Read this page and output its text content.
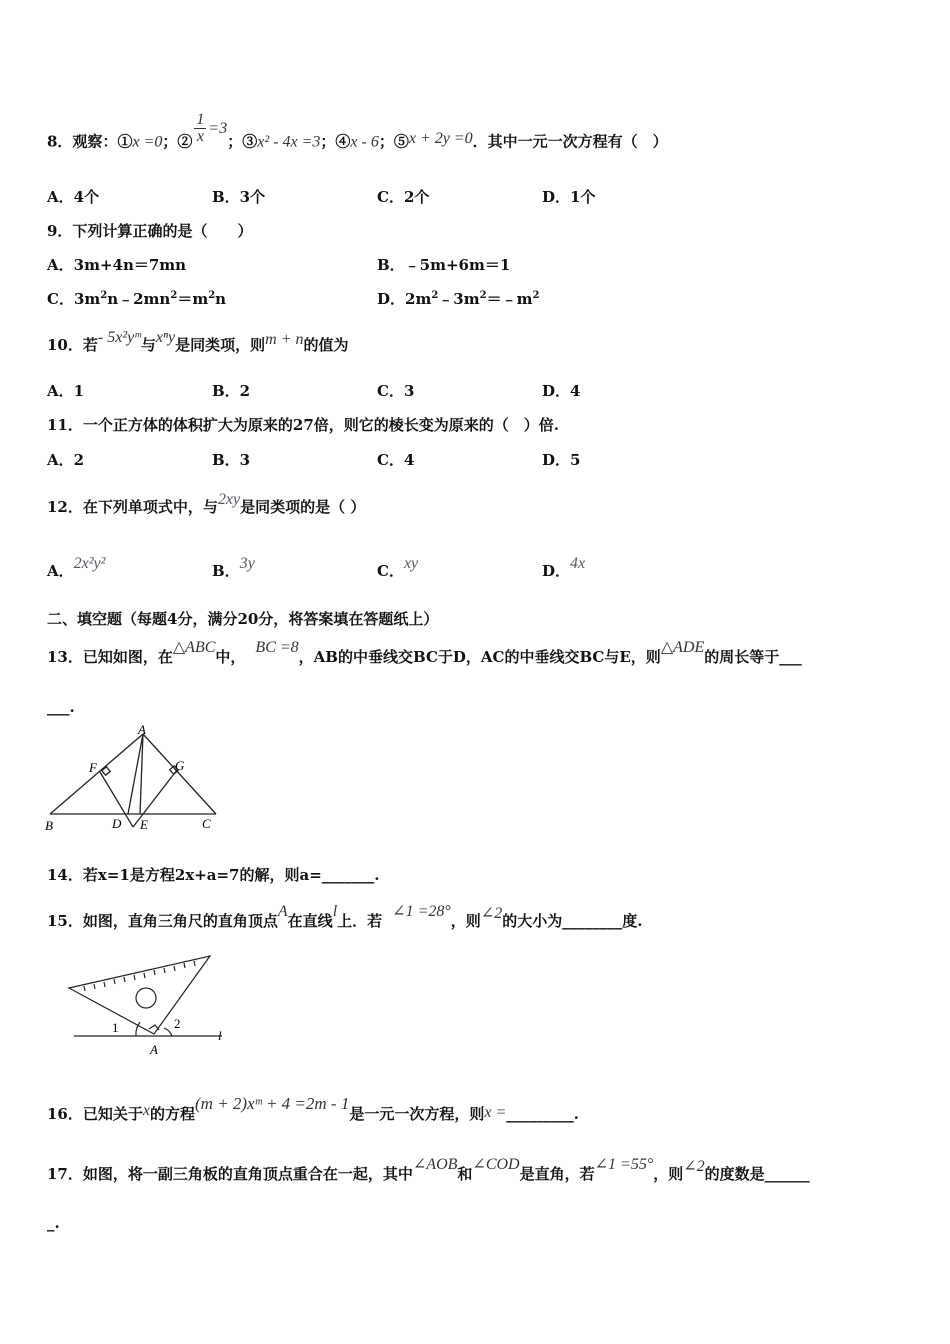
8．观察：①x =0；② $\frac{1}{x} =3$；③x² - 4x =3；④x - 6；⑤x + 2y =0．其中一元一次方程有（　）
A．4个	B．3个	C．2个	D．1个
9．下列计算正确的是（　　）
A．3m+4n＝7mn	B．﹣5m+6m＝1
C．$3m^2n﹣2mn^2=m^2n$	D．$2m^2﹣3m^2=﹣m^2$
10．若- 5x²yᵐ与xⁿy是同类项，则m + n的值为
A．1	B．2	C．3	D．4
11．一个正方体的体积扩大为原来的27倍，则它的棱长变为原来的（　）倍.
A．2	B．3	C．4	D．5
12．在下列单项式中，与2xy是同类项的是（ ）
A．2x²y²	B．3y	C．xy	D．4x
二、填空题（每题4分，满分20分，将答案填在答题纸上）
13．已知如图，在△ABC中，BC =8，AB的中垂线交BC于D，AC的中垂线交BC与E，则△ADE的周长等于___
___.
A
F	G
B	D E	C
14．若x=1是方程2x+a=7的解，则a=_______.
15．如图，直角三角尺的直角顶点A在直线l上．若∠1 =28°，则∠2的大小为________度.
1	2
A
l
16．已知关于x的方程(m + 2)xᵐ + 4 =2m - 1是一元一次方程，则x =_________.
17．如图，将一副三角板的直角顶点重合在一起，其中∠AOB和∠COD是直角，若∠1 =55°，则∠2的度数是______
_.
